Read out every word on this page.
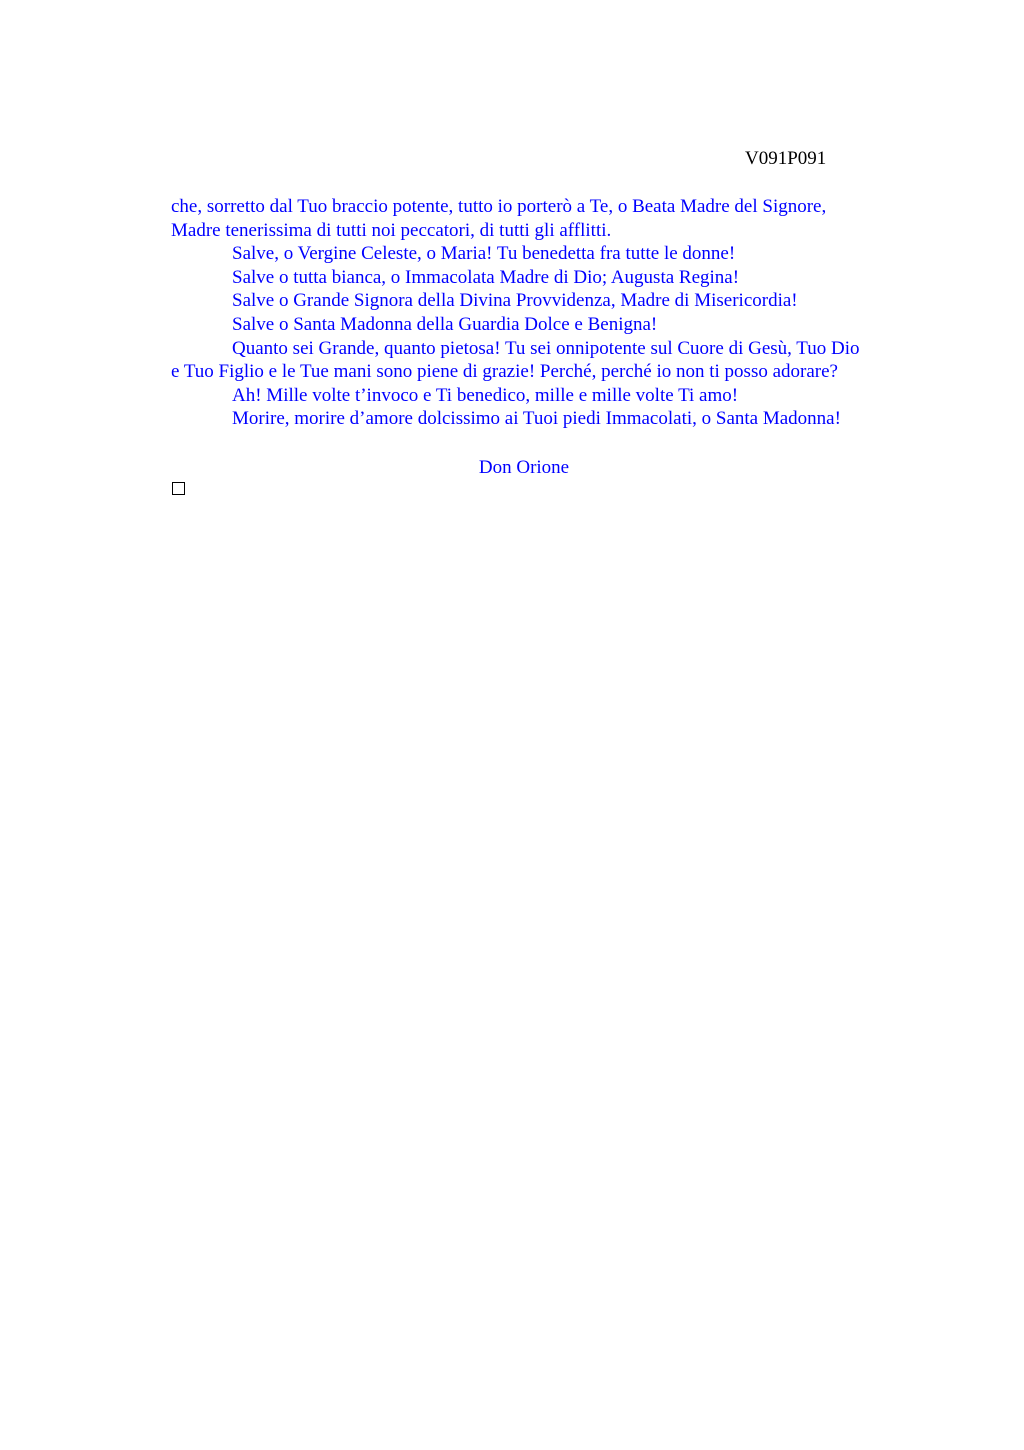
V091P091

che, sorretto dal Tuo braccio potente, tutto io porterò a Te, o Beata Madre del Signore,

Madre tenerissima di tutti noi peccatori, di tutti gli afflitti.

Salve, o Vergine Celeste, o Maria! Tu benedetta fra tutte le donne!

Salve o tutta bianca, o Immacolata Madre di Dio; Augusta Regina!

Salve o Grande Signora della Divina Provvidenza, Madre di Misericordia!

Salve o Santa Madonna della Guardia Dolce e Benigna!

Quanto sei Grande, quanto pietosa! Tu sei onnipotente sul Cuore di Gesù, Tuo Dio

e Tuo Figlio e le Tue mani sono piene di grazie! Perché, perché io non ti posso adorare?

Ah! Mille volte t’invoco e Ti benedico, mille e mille volte Ti amo!

Morire, morire d’amore dolcissimo ai Tuoi piedi Immacolati, o Santa Madonna!

Don Orione
